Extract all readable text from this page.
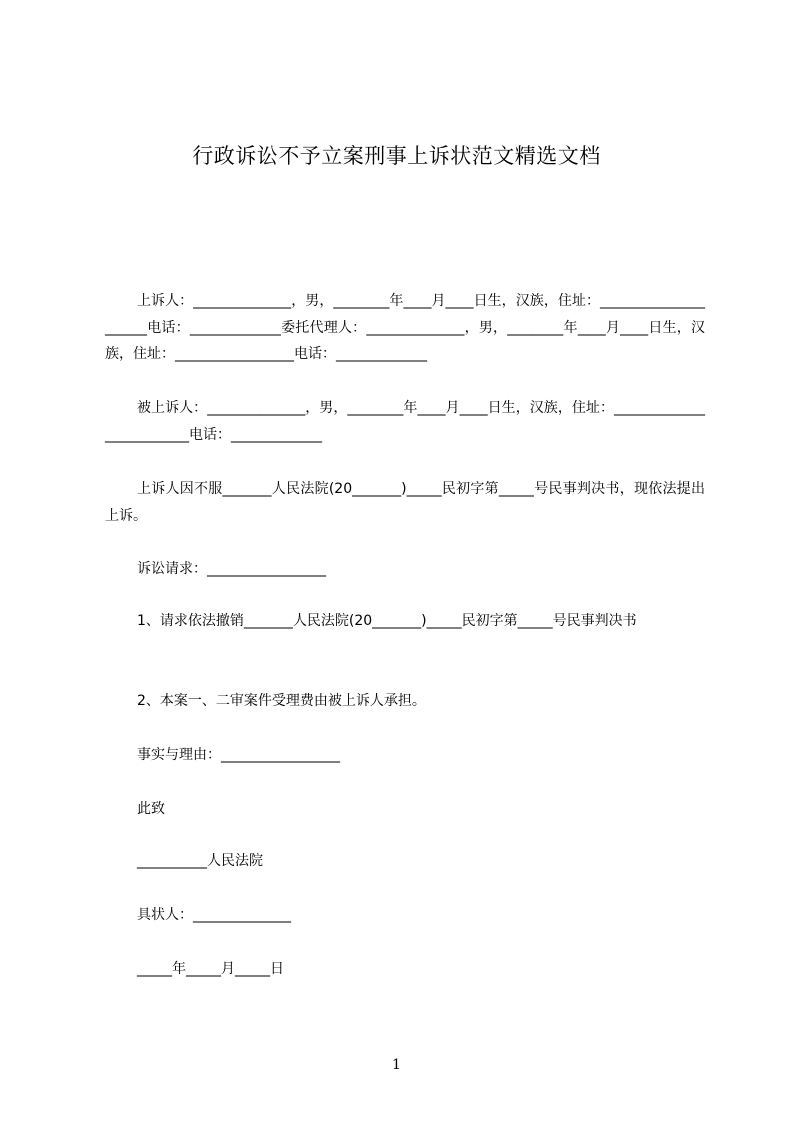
行政诉讼不予立案刑事上诉状范文精选文档
上诉人：______________，男，________年____月____日生，汉族，住址：_____________________电话：_____________委托代理人：______________，男，________年____月____日生，汉族，住址：_________________电话：_____________
被上诉人：______________，男，________年____月____日生，汉族，住址：_________________________电话：_____________
上诉人因不服_______人民法院(20_______)_____民初字第_____号民事判决书，现依法提出上诉。
诉讼请求：_________________
1、请求依法撤销_______人民法院(20_______)_____民初字第_____号民事判决书
2、本案一、二审案件受理费由被上诉人承担。
事实与理由：_________________
此致
__________人民法院
具状人：______________
_____年_____月_____日
1
